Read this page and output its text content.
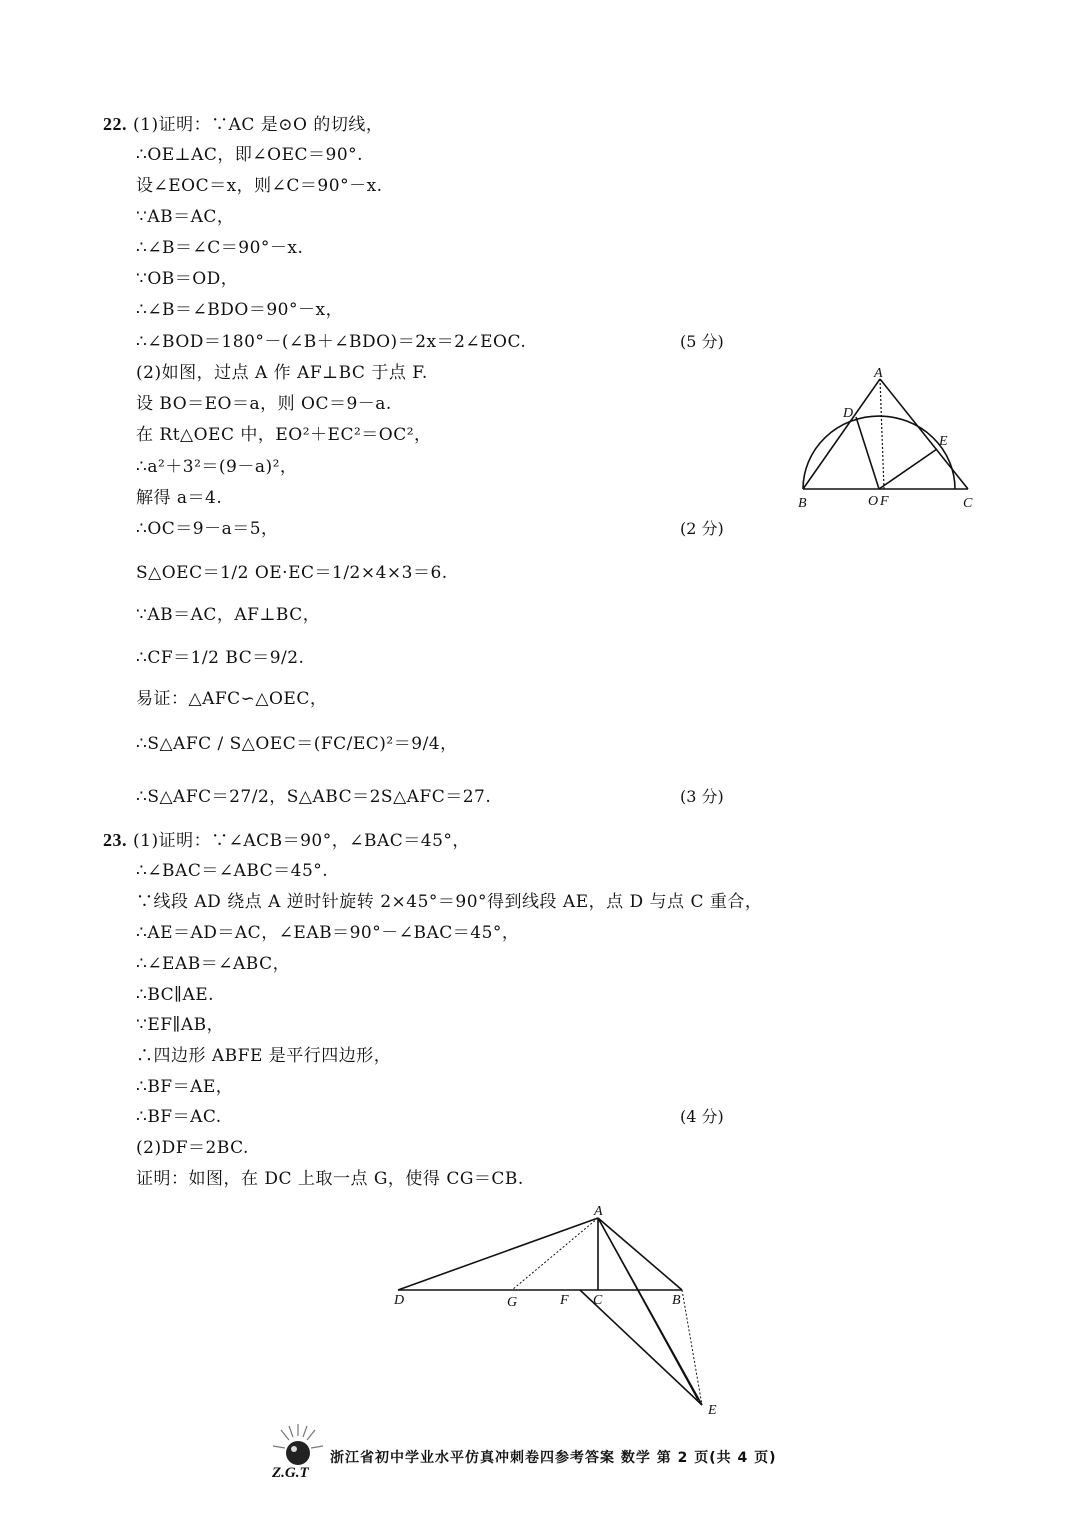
22. (1)证明：∵AC 是⊙O 的切线，
∴OE⊥AC，即∠OEC＝90°.
设∠EOC＝x，则∠C＝90°－x.
∵AB＝AC，
∴∠B＝∠C＝90°－x.
∵OB＝OD，
∴∠B＝∠BDO＝90°－x，
∴∠BOD＝180°－(∠B＋∠BDO)＝2x＝2∠EOC.	(5 分)
(2)如图，过点 A 作 AF⊥BC 于点 F.
设 BO＝EO＝a，则 OC＝9－a.
在 Rt△OEC 中，EO²＋EC²＝OC²，
∴a²＋3²＝(9－a)²，
解得 a＝4.
∴OC＝9－a＝5，	(2 分)
S△OEC＝1/2 OE·EC＝1/2×4×3＝6.
∵AB＝AC，AF⊥BC，
∴CF＝1/2 BC＝9/2.
易证：△AFC∽△OEC，
∴S△AFC / S△OEC＝(FC/EC)²＝9/4，
∴S△AFC＝27/2，S△ABC＝2S△AFC＝27.	(3 分)
A
D
E
B	O F	C
23. (1)证明：∵∠ACB＝90°，∠BAC＝45°，
∴∠BAC＝∠ABC＝45°.
∵线段 AD 绕点 A 逆时针旋转 2×45°＝90°得到线段 AE，点 D 与点 C 重合，
∴AE＝AD＝AC，∠EAB＝90°－∠BAC＝45°，
∴∠EAB＝∠ABC，
∴BC∥AE.
∵EF∥AB，
∴四边形 ABFE 是平行四边形，
∴BF＝AE，
∴BF＝AC.	(4 分)
(2)DF＝2BC.
证明：如图，在 DC 上取一点 G，使得 CG＝CB.
A
D	G	F C	B
E
Z.G.T
浙江省初中学业水平仿真冲刺卷四参考答案 数学 第 2 页(共 4 页)
